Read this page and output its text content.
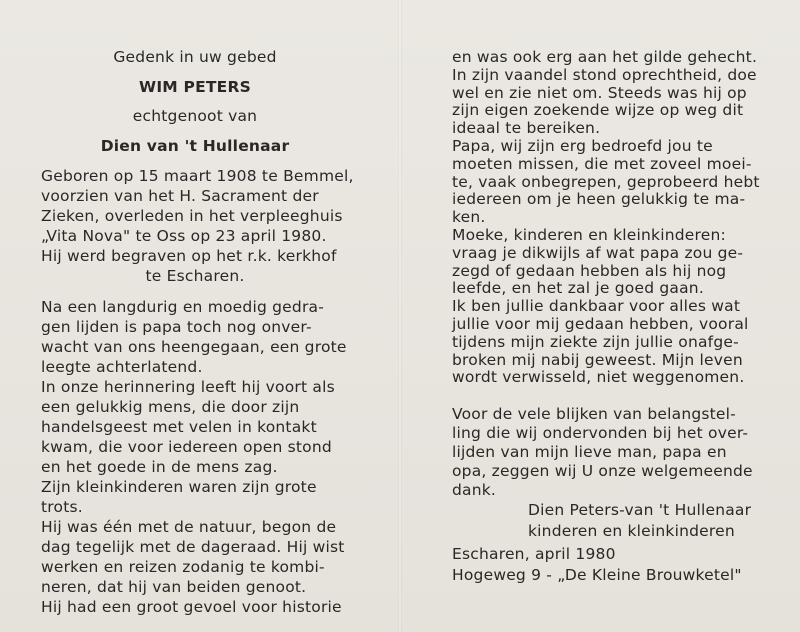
Gedenk in uw gebed
WIM PETERS
echtgenoot van
Dien van 't Hullenaar
Geboren op 15 maart 1908 te Bemmel,
voorzien van het H. Sacrament der
Zieken, overleden in het verpleeghuis
„Vita Nova" te Oss op 23 april 1980.
Hij werd begraven op het r.k. kerkhof
te Escharen.
Na een langdurig en moedig gedra-
gen lijden is papa toch nog onver-
wacht van ons heengegaan, een grote
leegte achterlatend.
In onze herinnering leeft hij voort als
een gelukkig mens, die door zijn
handelsgeest met velen in kontakt
kwam, die voor iedereen open stond
en het goede in de mens zag.
Zijn kleinkinderen waren zijn grote
trots.
Hij was één met de natuur, begon de
dag tegelijk met de dageraad. Hij wist
werken en reizen zodanig te kombi-
neren, dat hij van beiden genoot.
Hij had een groot gevoel voor historie
en was ook erg aan het gilde gehecht.
In zijn vaandel stond oprechtheid, doe
wel en zie niet om. Steeds was hij op
zijn eigen zoekende wijze op weg dit
ideaal te bereiken.
Papa, wij zijn erg bedroefd jou te
moeten missen, die met zoveel moei-
te, vaak onbegrepen, geprobeerd hebt
iedereen om je heen gelukkig te ma-
ken.
Moeke, kinderen en kleinkinderen:
vraag je dikwijls af wat papa zou ge-
zegd of gedaan hebben als hij nog
leefde, en het zal je goed gaan.
Ik ben jullie dankbaar voor alles wat
jullie voor mij gedaan hebben, vooral
tijdens mijn ziekte zijn jullie onafge-
broken mij nabij geweest. Mijn leven
wordt verwisseld, niet weggenomen.
Voor de vele blijken van belangstel-
ling die wij ondervonden bij het over-
lijden van mijn lieve man, papa en
opa, zeggen wij U onze welgemeende
dank.
Dien Peters-van 't Hullenaar
kinderen en kleinkinderen
Escharen, april 1980
Hogeweg 9 - „De Kleine Brouwketel"
